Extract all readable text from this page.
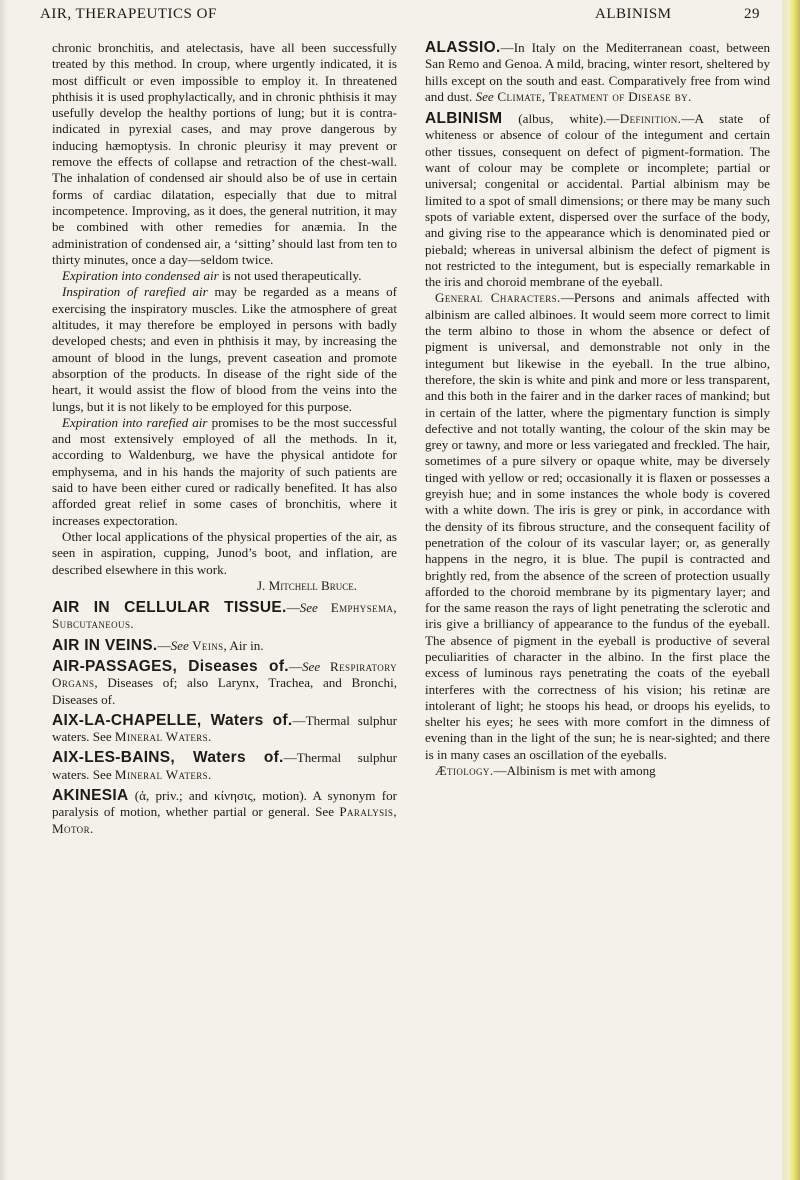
AIR, THERAPEUTICS OF	ALBINISM	29

chronic bronchitis, and atelectasis, have all been successfully treated by this method. In croup, where urgently indicated, it is most difficult or even impossible to employ it. In threatened phthisis it is used prophylactically, and in chronic phthisis it may usefully develop the healthy portions of lung; but it is contra-indicated in pyrexial cases, and may prove dangerous by inducing hæmoptysis. In chronic pleurisy it may prevent or remove the effects of collapse and retraction of the chest-wall. The inhalation of condensed air should also be of use in certain forms of cardiac dilatation, especially that due to mitral incompetence. Improving, as it does, the general nutrition, it may be combined with other remedies for anæmia. In the administration of condensed air, a ‘sitting’ should last from ten to thirty minutes, once a day—seldom twice.

Expiration into condensed air is not used therapeutically.

Inspiration of rarefied air may be regarded as a means of exercising the inspiratory muscles. Like the atmosphere of great altitudes, it may therefore be employed in persons with badly developed chests; and even in phthisis it may, by increasing the amount of blood in the lungs, prevent caseation and promote absorption of the products. In disease of the right side of the heart, it would assist the flow of blood from the veins into the lungs, but it is not likely to be employed for this purpose.

Expiration into rarefied air promises to be the most successful and most extensively employed of all the methods. In it, according to Waldenburg, we have the physical antidote for emphysema, and in his hands the majority of such patients are said to have been either cured or radically benefited. It has also afforded great relief in some cases of bronchitis, where it increases expectoration.

Other local applications of the physical properties of the air, as seen in aspiration, cupping, Junod’s boot, and inflation, are described elsewhere in this work.

J. Mitchell Bruce.

AIR IN CELLULAR TISSUE.—See Emphysema, Subcutaneous.

AIR IN VEINS.—See Veins, Air in.

AIR-PASSAGES, Diseases of.—See Respiratory Organs, Diseases of; also Larynx, Trachea, and Bronchi, Diseases of.

AIX-LA-CHAPELLE, Waters of.—Thermal sulphur waters. See Mineral Waters.

AIX-LES-BAINS, Waters of.—Thermal sulphur waters. See Mineral Waters.

AKINESIA (ἀ, priv.; and κίνησις, motion). A synonym for paralysis of motion, whether partial or general. See Paralysis, Motor.

ALASSIO.—In Italy on the Mediterranean coast, between San Remo and Genoa. A mild, bracing, winter resort, sheltered by hills except on the south and east. Comparatively free from wind and dust. See Climate, Treatment of Disease by.

ALBINISM (albus, white).—Definition.—A state of whiteness or absence of colour of the integument and certain other tissues, consequent on defect of pigment-formation. The want of colour may be complete or incomplete; partial or universal; congenital or accidental. Partial albinism may be limited to a spot of small dimensions; or there may be many such spots of variable extent, dispersed over the surface of the body, and giving rise to the appearance which is denominated pied or piebald; whereas in universal albinism the defect of pigment is not restricted to the integument, but is especially remarkable in the iris and choroid membrane of the eyeball.

General Characters.—Persons and animals affected with albinism are called albinoes. It would seem more correct to limit the term albino to those in whom the absence or defect of pigment is universal, and demonstrable not only in the integument but likewise in the eyeball. In the true albino, therefore, the skin is white and pink and more or less transparent, and this both in the fairer and in the darker races of mankind; but in certain of the latter, where the pigmentary function is simply defective and not totally wanting, the colour of the skin may be grey or tawny, and more or less variegated and freckled. The hair, sometimes of a pure silvery or opaque white, may be diversely tinged with yellow or red; occasionally it is flaxen or possesses a greyish hue; and in some instances the whole body is covered with a white down. The iris is grey or pink, in accordance with the density of its fibrous structure, and the consequent facility of penetration of the colour of its vascular layer; or, as generally happens in the negro, it is blue. The pupil is contracted and brightly red, from the absence of the screen of protection usually afforded to the choroid membrane by its pigmentary layer; and for the same reason the rays of light penetrating the sclerotic and iris give a brilliancy of appearance to the fundus of the eyeball. The absence of pigment in the eyeball is productive of several peculiarities of character in the albino. In the first place the excess of luminous rays penetrating the coats of the eyeball interferes with the correctness of his vision; his retinæ are intolerant of light; he stoops his head, or droops his eyelids, to shelter his eyes; he sees with more comfort in the dimness of evening than in the light of the sun; he is near-sighted; and there is in many cases an oscillation of the eyeballs.

Ætiology.—Albinism is met with among
